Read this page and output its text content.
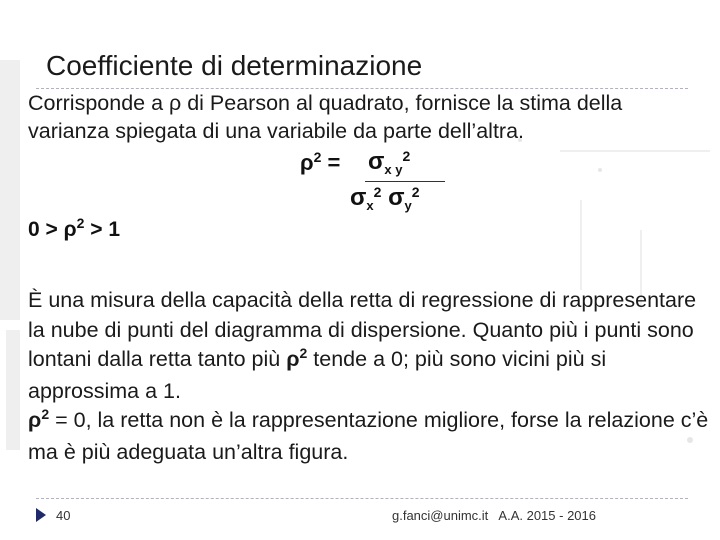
Coefficiente di determinazione
Corrisponde a ρ di Pearson al quadrato, fornisce la stima della varianza spiegata di una variabile da parte dell’altra.
$\rho^2 = \sigma_{x y}^2$
$\sigma_x^2$ $\sigma_y^2$
$0 > \rho^2 > 1$
È una misura della capacità della retta di regressione di rappresentare la nube di punti del diagramma di dispersione. Quanto più i punti sono lontani dalla retta tanto più $\rho^2$ tende a 0; più sono vicini più si approssima a 1.
$\rho^2 = 0$, la retta non è la rappresentazione migliore, forse la relazione c’è ma è più adeguata un’altra figura.
40	g.fanci@unimc.it A.A. 2015 - 2016
